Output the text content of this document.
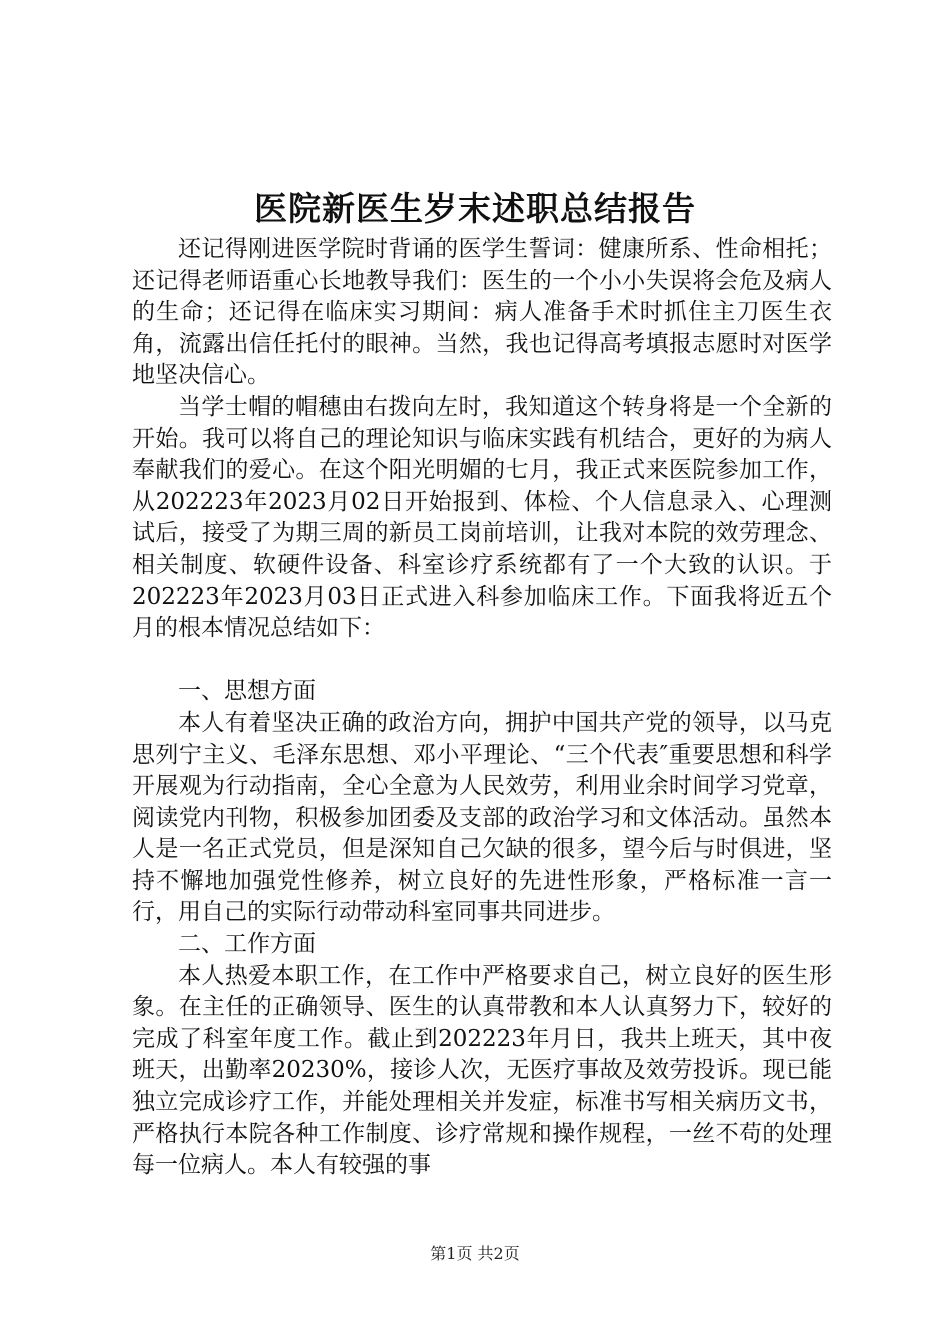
医院新医生岁末述职总结报告

还记得刚进医学院时背诵的医学生誓词：健康所系、性命相托；还记得老师语重心长地教导我们：医生的一个小小失误将会危及病人的生命；还记得在临床实习期间：病人准备手术时抓住主刀医生衣角，流露出信任托付的眼神。当然，我也记得高考填报志愿时对医学地坚决信心。

当学士帽的帽穗由右拨向左时，我知道这个转身将是一个全新的开始。我可以将自己的理论知识与临床实践有机结合，更好的为病人奉献我们的爱心。在这个阳光明媚的七月，我正式来医院参加工作，从202223年2023月02日开始报到、体检、个人信息录入、心理测试后，接受了为期三周的新员工岗前培训，让我对本院的效劳理念、相关制度、软硬件设备、科室诊疗系统都有了一个大致的认识。于202223年2023月03日正式进入科参加临床工作。下面我将近五个月的根本情况总结如下：

一、思想方面

本人有着坚决正确的政治方向，拥护中国共产党的领导，以马克思列宁主义、毛泽东思想、邓小平理论、“三个代表″重要思想和科学开展观为行动指南，全心全意为人民效劳，利用业余时间学习党章，阅读党内刊物，积极参加团委及支部的政治学习和文体活动。虽然本人是一名正式党员，但是深知自己欠缺的很多，望今后与时俱进，坚持不懈地加强党性修养，树立良好的先进性形象，严格标准一言一行，用自己的实际行动带动科室同事共同进步。

二、工作方面

本人热爱本职工作，在工作中严格要求自己，树立良好的医生形象。在主任的正确领导、医生的认真带教和本人认真努力下，较好的完成了科室年度工作。截止到202223年月日，我共上班天，其中夜班天，出勤率20230%，接诊人次，无医疗事故及效劳投诉。现已能独立完成诊疗工作，并能处理相关并发症，标准书写相关病历文书，严格执行本院各种工作制度、诊疗常规和操作规程，一丝不苟的处理每一位病人。本人有较强的事

第1页 共2页
